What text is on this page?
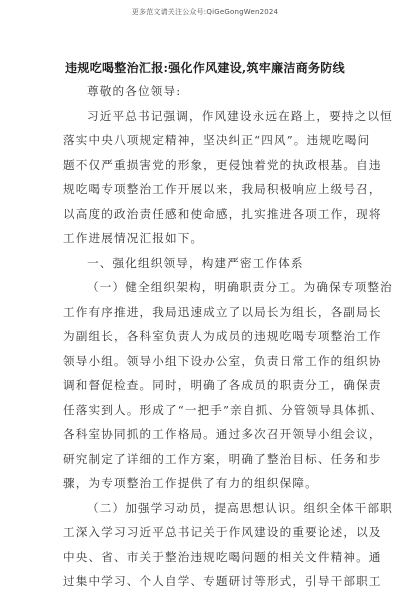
更多范文请关注公众号:QiGeGongWen2024
违规吃喝整治汇报:强化作风建设,筑牢廉洁商务防线
尊敬的各位领导:
习近平总书记强调，作风建设永远在路上，要持之以恒
落实中央八项规定精神，坚决纠正“四风”。违规吃喝问
题不仅严重损害党的形象，更侵蚀着党的执政根基。自违
规吃喝专项整治工作开展以来，我局积极响应上级号召，
以高度的政治责任感和使命感，扎实推进各项工作，现将
工作进展情况汇报如下。
一、强化组织领导，构建严密工作体系
（一）健全组织架构，明确职责分工。为确保专项整治
工作有序推进，我局迅速成立了以局长为组长，各副局长
为副组长，各科室负责人为成员的违规吃喝专项整治工作
领导小组。领导小组下设办公室，负责日常工作的组织协
调和督促检查。同时，明确了各成员的职责分工，确保责
任落实到人。形成了“一把手”亲自抓、分管领导具体抓、
各科室协同抓的工作格局。通过多次召开领导小组会议，
研究制定了详细的工作方案，明确了整治目标、任务和步
骤，为专项整治工作提供了有力的组织保障。
（二）加强学习动员，提高思想认识。组织全体干部职
工深入学习习近平总书记关于作风建设的重要论述，以及
中央、省、市关于整治违规吃喝问题的相关文件精神。通
过集中学习、个人自学、专题研讨等形式，引导干部职工
